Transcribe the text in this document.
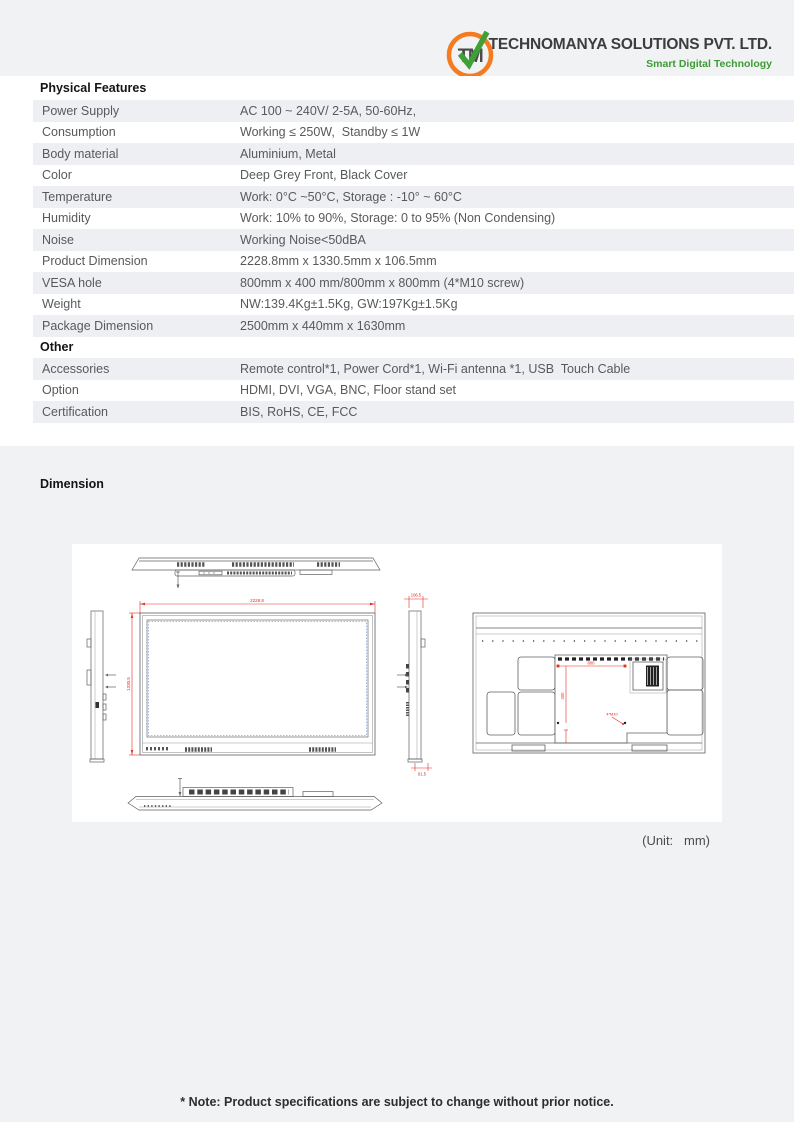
TM
TECHNOMANYA SOLUTIONS PVT. LTD.
Smart Digital Technology
Physical Features
Power Supply	AC 100 ~ 240V/ 2-5A, 50-60Hz,
Consumption	Working ≤ 250W,  Standby ≤ 1W
Body material	Aluminium, Metal
Color	Deep Grey Front, Black Cover
Temperature	Work: 0°C ~50°C, Storage : -10° ~ 60°C
Humidity	Work: 10% to 90%, Storage: 0 to 95% (Non Condensing)
Noise	Working Noise<50dBA
Product Dimension	2228.8mm x 1330.5mm x 106.5mm
VESA hole	800mm x 400 mm/800mm x 800mm (4*M10 screw)
Weight	NW:139.4Kg±1.5Kg, GW:197Kg±1.5Kg
Package Dimension	2500mm x 440mm x 1630mm
Other
Accessories	Remote control*1, Power Cord*1, Wi-Fi antenna *1, USB  Touch Cable
Option	HDMI, DVI, VGA, BNC, Floor stand set
Certification	BIS, RoHS, CE, FCC
Dimension
2228.8
1330.5
106.5
91.5
800
400
4*M10
(Unit:   mm)
* Note: Product specifications are subject to change without prior notice.
